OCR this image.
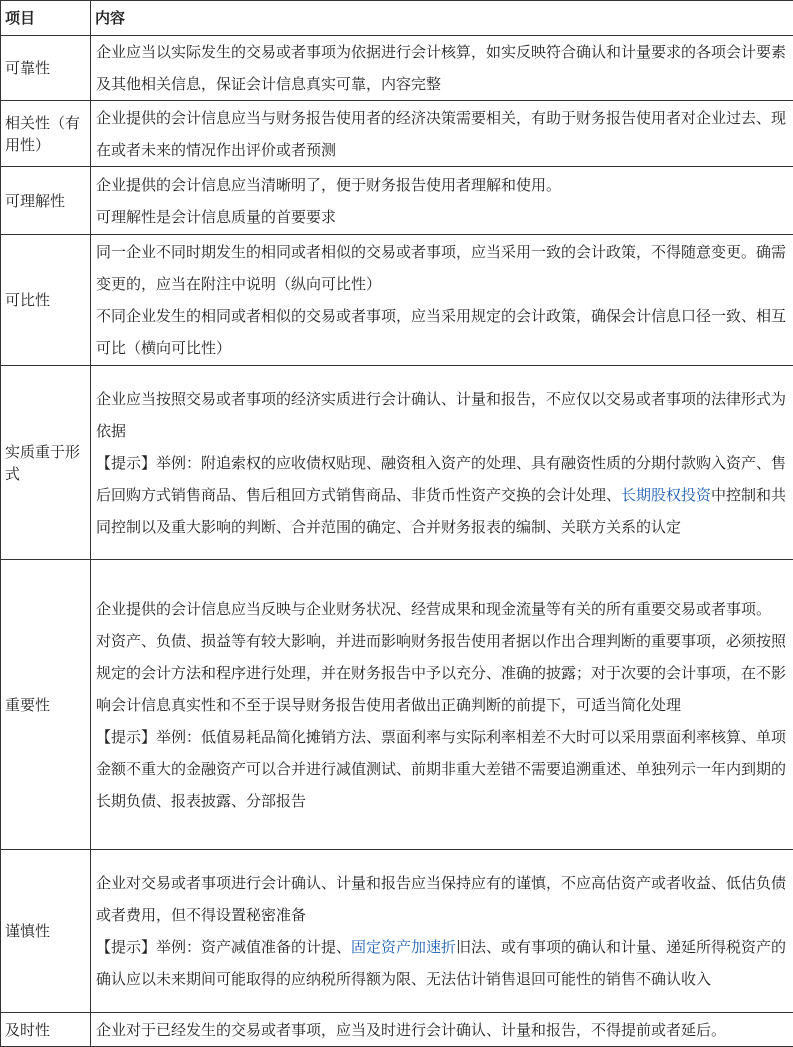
项目	内容
可靠性	企业应当以实际发生的交易或者事项为依据进行会计核算，如实反映符合确认和计量要求的各项会计要素及其他相关信息，保证会计信息真实可靠，内容完整

相关性（有用性）	企业提供的会计信息应当与财务报告使用者的经济决策需要相关，有助于财务报告使用者对企业过去、现在或者未来的情况作出评价或者预测

可理解性	企业提供的会计信息应当清晰明了，便于财务报告使用者理解和使用。

可理解性是会计信息质量的首要要求

可比性	同一企业不同时期发生的相同或者相似的交易或者事项，应当采用一致的会计政策，不得随意变更。确需变更的，应当在附注中说明（纵向可比性）

不同企业发生的相同或者相似的交易或者事项，应当采用规定的会计政策，确保会计信息口径一致、相互可比（横向可比性）

实质重于形式	企业应当按照交易或者事项的经济实质进行会计确认、计量和报告，不应仅以交易或者事项的法律形式为依据

【提示】举例：附追索权的应收债权贴现、融资租入资产的处理、具有融资性质的分期付款购入资产、售后回购方式销售商品、售后租回方式销售商品、非货币性资产交换的会计处理、长期股权投资中控制和共同控制以及重大影响的判断、合并范围的确定、合并财务报表的编制、关联方关系的认定

重要性	企业提供的会计信息应当反映与企业财务状况、经营成果和现金流量等有关的所有重要交易或者事项。

对资产、负债、损益等有较大影响，并进而影响财务报告使用者据以作出合理判断的重要事项，必须按照规定的会计方法和程序进行处理，并在财务报告中予以充分、准确的披露；对于次要的会计事项，在不影响会计信息真实性和不至于误导财务报告使用者做出正确判断的前提下，可适当简化处理

【提示】举例：低值易耗品简化摊销方法、票面利率与实际利率相差不大时可以采用票面利率核算、单项金额不重大的金融资产可以合并进行减值测试、前期非重大差错不需要追溯重述、单独列示一年内到期的长期负债、报表披露、分部报告

谨慎性	企业对交易或者事项进行会计确认、计量和报告应当保持应有的谨慎，不应高估资产或者收益、低估负债或者费用，但不得设置秘密准备

【提示】举例：资产减值准备的计提、固定资产加速折旧法、或有事项的确认和计量、递延所得税资产的确认应以未来期间可能取得的应纳税所得额为限、无法估计销售退回可能性的销售不确认收入

及时性	企业对于已经发生的交易或者事项，应当及时进行会计确认、计量和报告，不得提前或者延后。
